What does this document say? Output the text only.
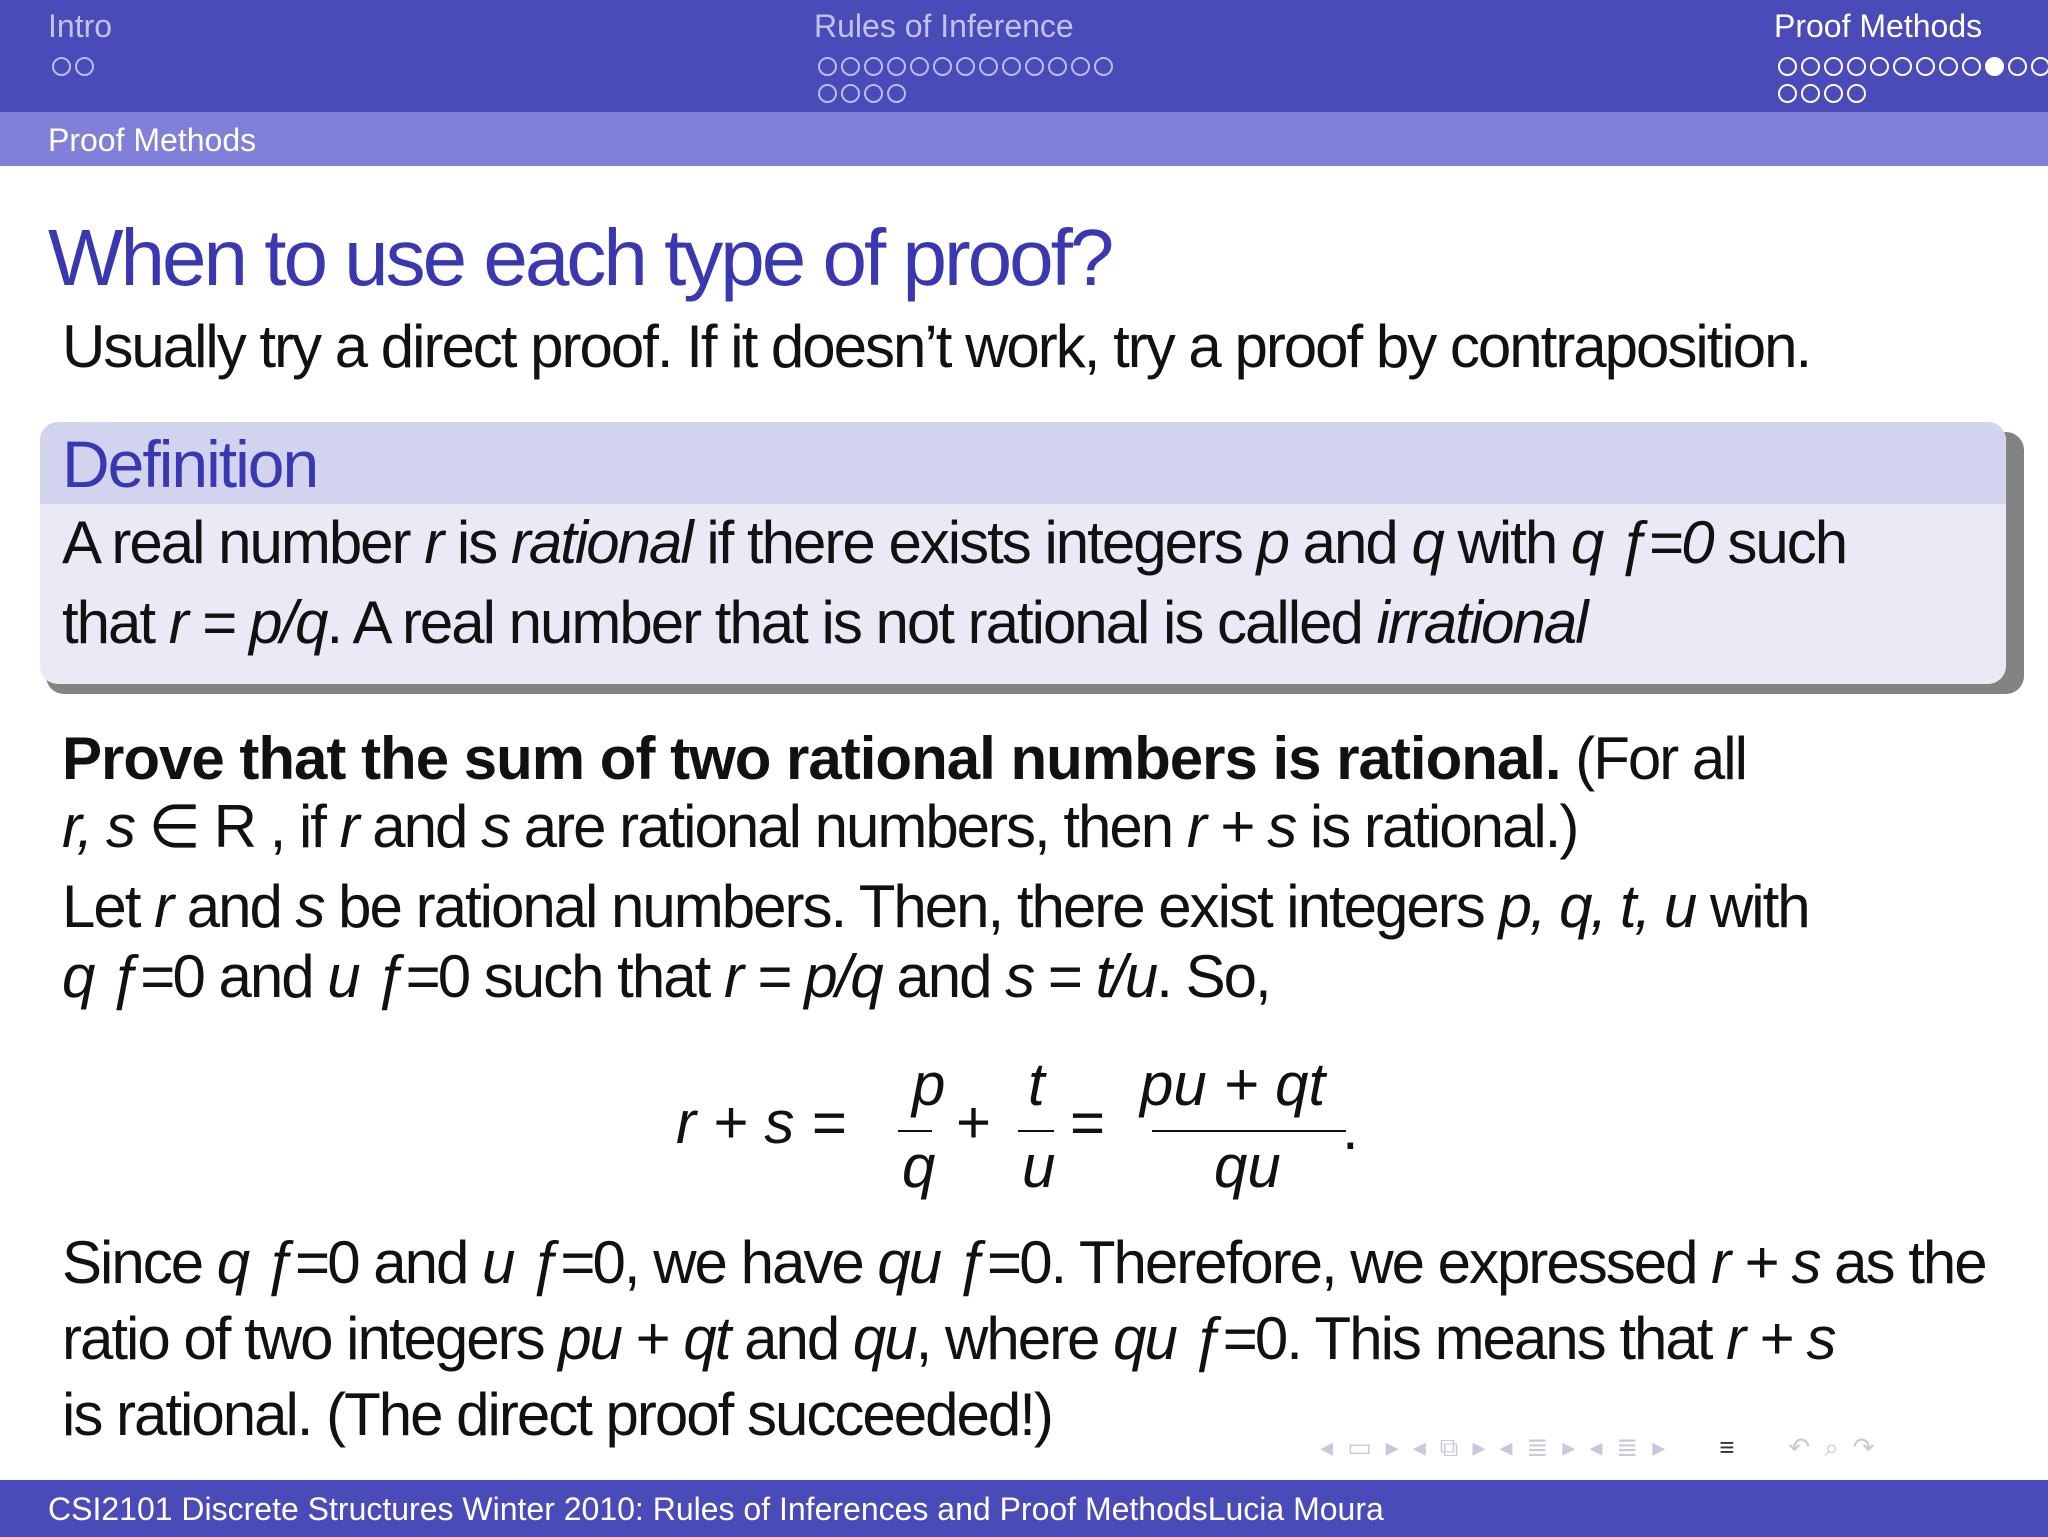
Intro	Rules of Inference	Proof Methods
Proof Methods
When to use each type of proof?
Usually try a direct proof. If it doesn’t work, try a proof by contraposition.
Definition
A real number r is rational if there exists integers p and q with q ƒ=0 such
that r = p/q. A real number that is not rational is called irrational
Prove that the sum of two rational numbers is rational. (For all
r, s ∈ R , if r and s are rational numbers, then r + s is rational.)
Let r and s be rational numbers. Then, there exist integers p, q, t, u with
q ƒ=0 and u ƒ=0 such that r = p/q and s = t/u. So,
r + s =
p
q
+
t
u
=
pu + qt
qu
.
Since q ƒ=0 and u ƒ=0, we have qu ƒ=0. Therefore, we expressed r + s as the
ratio of two integers pu + qt and qu, where qu ƒ=0. This means that r + s
is rational. (The direct proof succeeded!)	◂ ▭ ▸ ◂ ⧉ ▸ ◂ ≣ ▸ ◂ ≣ ▸ ≡ ↶ ⌕ ↷
CSI2101 Discrete Structures Winter 2010: Rules of Inferences and Proof MethodsLucia Moura
